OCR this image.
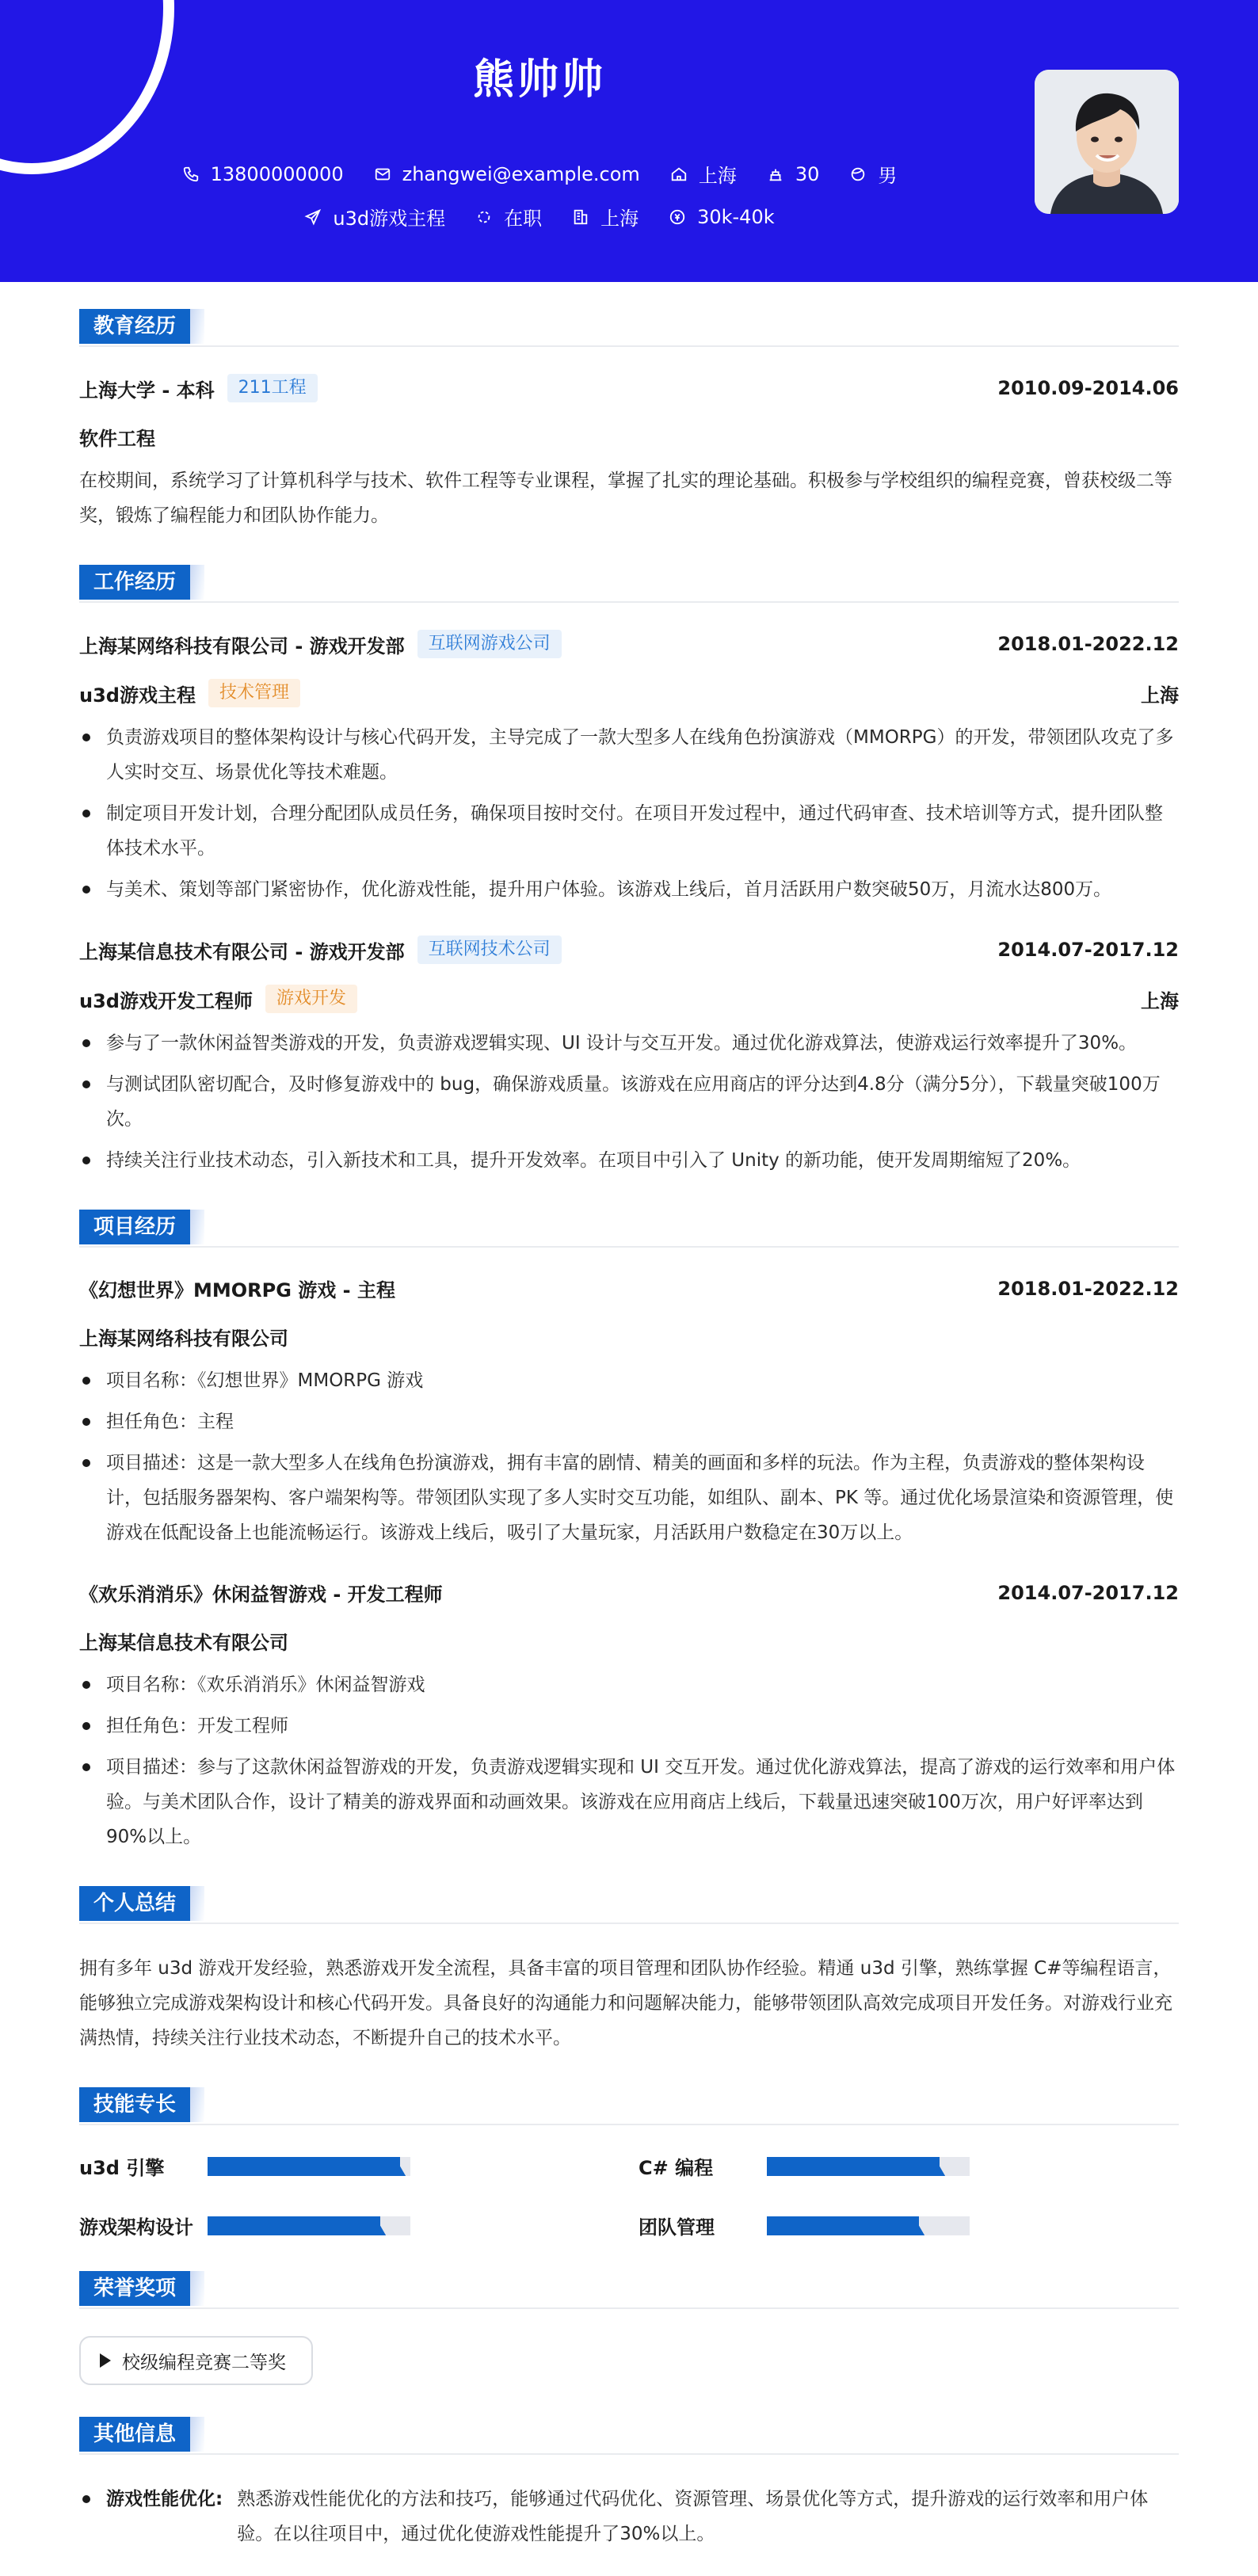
熊帅帅
13800000000	zhangwei@example.com	上海	30	男
u3d游戏主程	在职	上海	30k-40k
教育经历
上海大学 - 本科	211工程	2010.09-2014.06
软件工程
在校期间，系统学习了计算机科学与技术、软件工程等专业课程，掌握了扎实的理论基础。积极参与学校组织的编程竞赛，曾获校级二等奖，锻炼了编程能力和团队协作能力。
工作经历
上海某网络科技有限公司 - 游戏开发部	互联网游戏公司	2018.01-2022.12
u3d游戏主程	技术管理	上海
负责游戏项目的整体架构设计与核心代码开发，主导完成了一款大型多人在线角色扮演游戏（MMORPG）的开发，带领团队攻克了多人实时交互、场景优化等技术难题。
制定项目开发计划，合理分配团队成员任务，确保项目按时交付。在项目开发过程中，通过代码审查、技术培训等方式，提升团队整体技术水平。
与美术、策划等部门紧密协作，优化游戏性能，提升用户体验。该游戏上线后，首月活跃用户数突破50万，月流水达800万。
上海某信息技术有限公司 - 游戏开发部	互联网技术公司	2014.07-2017.12
u3d游戏开发工程师	游戏开发	上海
参与了一款休闲益智类游戏的开发，负责游戏逻辑实现、UI 设计与交互开发。通过优化游戏算法，使游戏运行效率提升了30%。
与测试团队密切配合，及时修复游戏中的 bug，确保游戏质量。该游戏在应用商店的评分达到4.8分（满分5分），下载量突破100万次。
持续关注行业技术动态，引入新技术和工具，提升开发效率。在项目中引入了 Unity 的新功能，使开发周期缩短了20%。
项目经历
《幻想世界》MMORPG 游戏 - 主程	2018.01-2022.12
上海某网络科技有限公司
项目名称：《幻想世界》MMORPG 游戏
担任角色：主程
项目描述：这是一款大型多人在线角色扮演游戏，拥有丰富的剧情、精美的画面和多样的玩法。作为主程，负责游戏的整体架构设计，包括服务器架构、客户端架构等。带领团队实现了多人实时交互功能，如组队、副本、PK 等。通过优化场景渲染和资源管理，使游戏在低配设备上也能流畅运行。该游戏上线后，吸引了大量玩家，月活跃用户数稳定在30万以上。
《欢乐消消乐》休闲益智游戏 - 开发工程师	2014.07-2017.12
上海某信息技术有限公司
项目名称：《欢乐消消乐》休闲益智游戏
担任角色：开发工程师
项目描述：参与了这款休闲益智游戏的开发，负责游戏逻辑实现和 UI 交互开发。通过优化游戏算法，提高了游戏的运行效率和用户体验。与美术团队合作，设计了精美的游戏界面和动画效果。该游戏在应用商店上线后，下载量迅速突破100万次，用户好评率达到90%以上。
个人总结
拥有多年 u3d 游戏开发经验，熟悉游戏开发全流程，具备丰富的项目管理和团队协作经验。精通 u3d 引擎，熟练掌握 C#等编程语言，能够独立完成游戏架构设计和核心代码开发。具备良好的沟通能力和问题解决能力，能够带领团队高效完成项目开发任务。对游戏行业充满热情，持续关注行业技术动态，不断提升自己的技术水平。
技能专长
u3d 引擎	C# 编程
游戏架构设计	团队管理
荣誉奖项
校级编程竞赛二等奖
其他信息
游戏性能优化: 熟悉游戏性能优化的方法和技巧，能够通过代码优化、资源管理、场景优化等方式，提升游戏的运行效率和用户体验。在以往项目中，通过优化使游戏性能提升了30%以上。
